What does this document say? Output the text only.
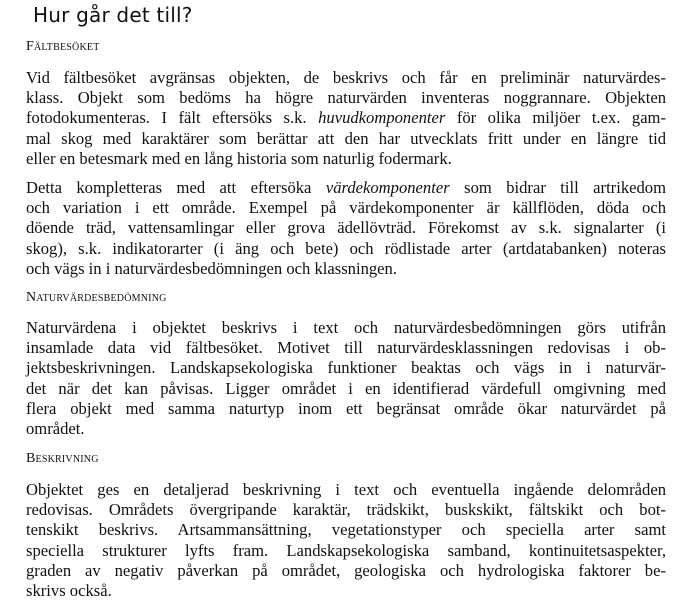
Hur går det till?
Fältbesöket
Vid fältbesöket avgränsas objekten, de beskrivs och får en preliminär naturvärdes-
klass. Objekt som bedöms ha högre naturvärden inventeras noggrannare. Objekten
fotodokumenteras. I fält eftersöks s.k. huvudkomponenter för olika miljöer t.ex. gam-
mal skog med karaktärer som berättar att den har utvecklats fritt under en längre tid
eller en betesmark med en lång historia som naturlig fodermark.
Detta kompletteras med att eftersöka värdekomponenter som bidrar till artrikedom
och variation i ett område. Exempel på värdekomponenter är källflöden, döda och
döende träd, vattensamlingar eller grova ädellövträd. Förekomst av s.k. signalarter (i
skog), s.k. indikatorarter (i äng och bete) och rödlistade arter (artdatabanken) noteras
och vägs in i naturvärdesbedömningen och klassningen.
Naturvärdesbedömning
Naturvärdena i objektet beskrivs i text och naturvärdesbedömningen görs utifrån
insamlade data vid fältbesöket. Motivet till naturvärdesklassningen redovisas i ob-
jektsbeskrivningen. Landskapsekologiska funktioner beaktas och vägs in i naturvär-
det när det kan påvisas. Ligger området i en identifierad värdefull omgivning med
flera objekt med samma naturtyp inom ett begränsat område ökar naturvärdet på
området.
Beskrivning
Objektet ges en detaljerad beskrivning i text och eventuella ingående delområden
redovisas. Områdets övergripande karaktär, trädskikt, buskskikt, fältskikt och bot-
tenskikt beskrivs. Artsammansättning, vegetationstyper och speciella arter samt
speciella strukturer lyfts fram. Landskapsekologiska samband, kontinuitetsaspekter,
graden av negativ påverkan på området, geologiska och hydrologiska faktorer be-
skrivs också.
